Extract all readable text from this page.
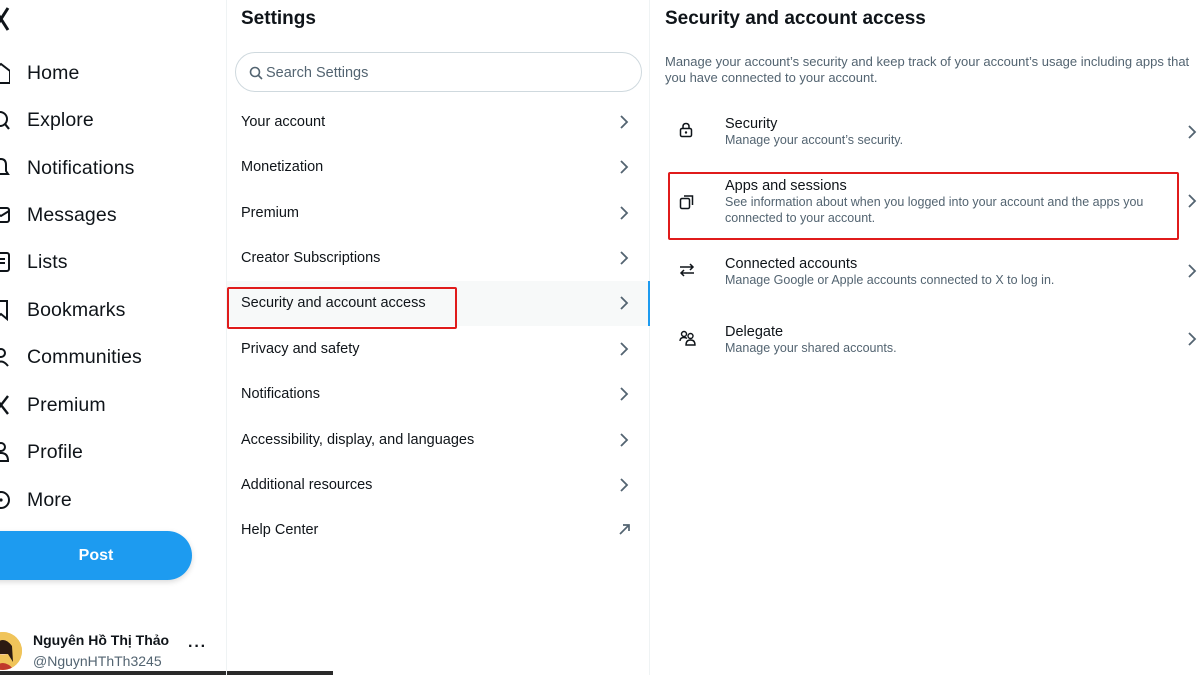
Home
Explore
Notifications
Messages
Lists
Bookmarks
Communities
Premium
Profile
More
Post
Nguyên Hồ Thị Thảo
@NguynHThTh3245
···
Settings
Search Settings
Your account
Monetization
Premium
Creator Subscriptions
Security and account access
Privacy and safety
Notifications
Accessibility, display, and languages
Additional resources
Help Center
Security and account access

Manage your account’s security and keep track of your account’s usage including apps that you have connected to your account.

Security
Manage your account’s security.
Apps and sessions
See information about when you logged into your account and the apps you connected to your account.
Connected accounts
Manage Google or Apple accounts connected to X to log in.
Delegate
Manage your shared accounts.
